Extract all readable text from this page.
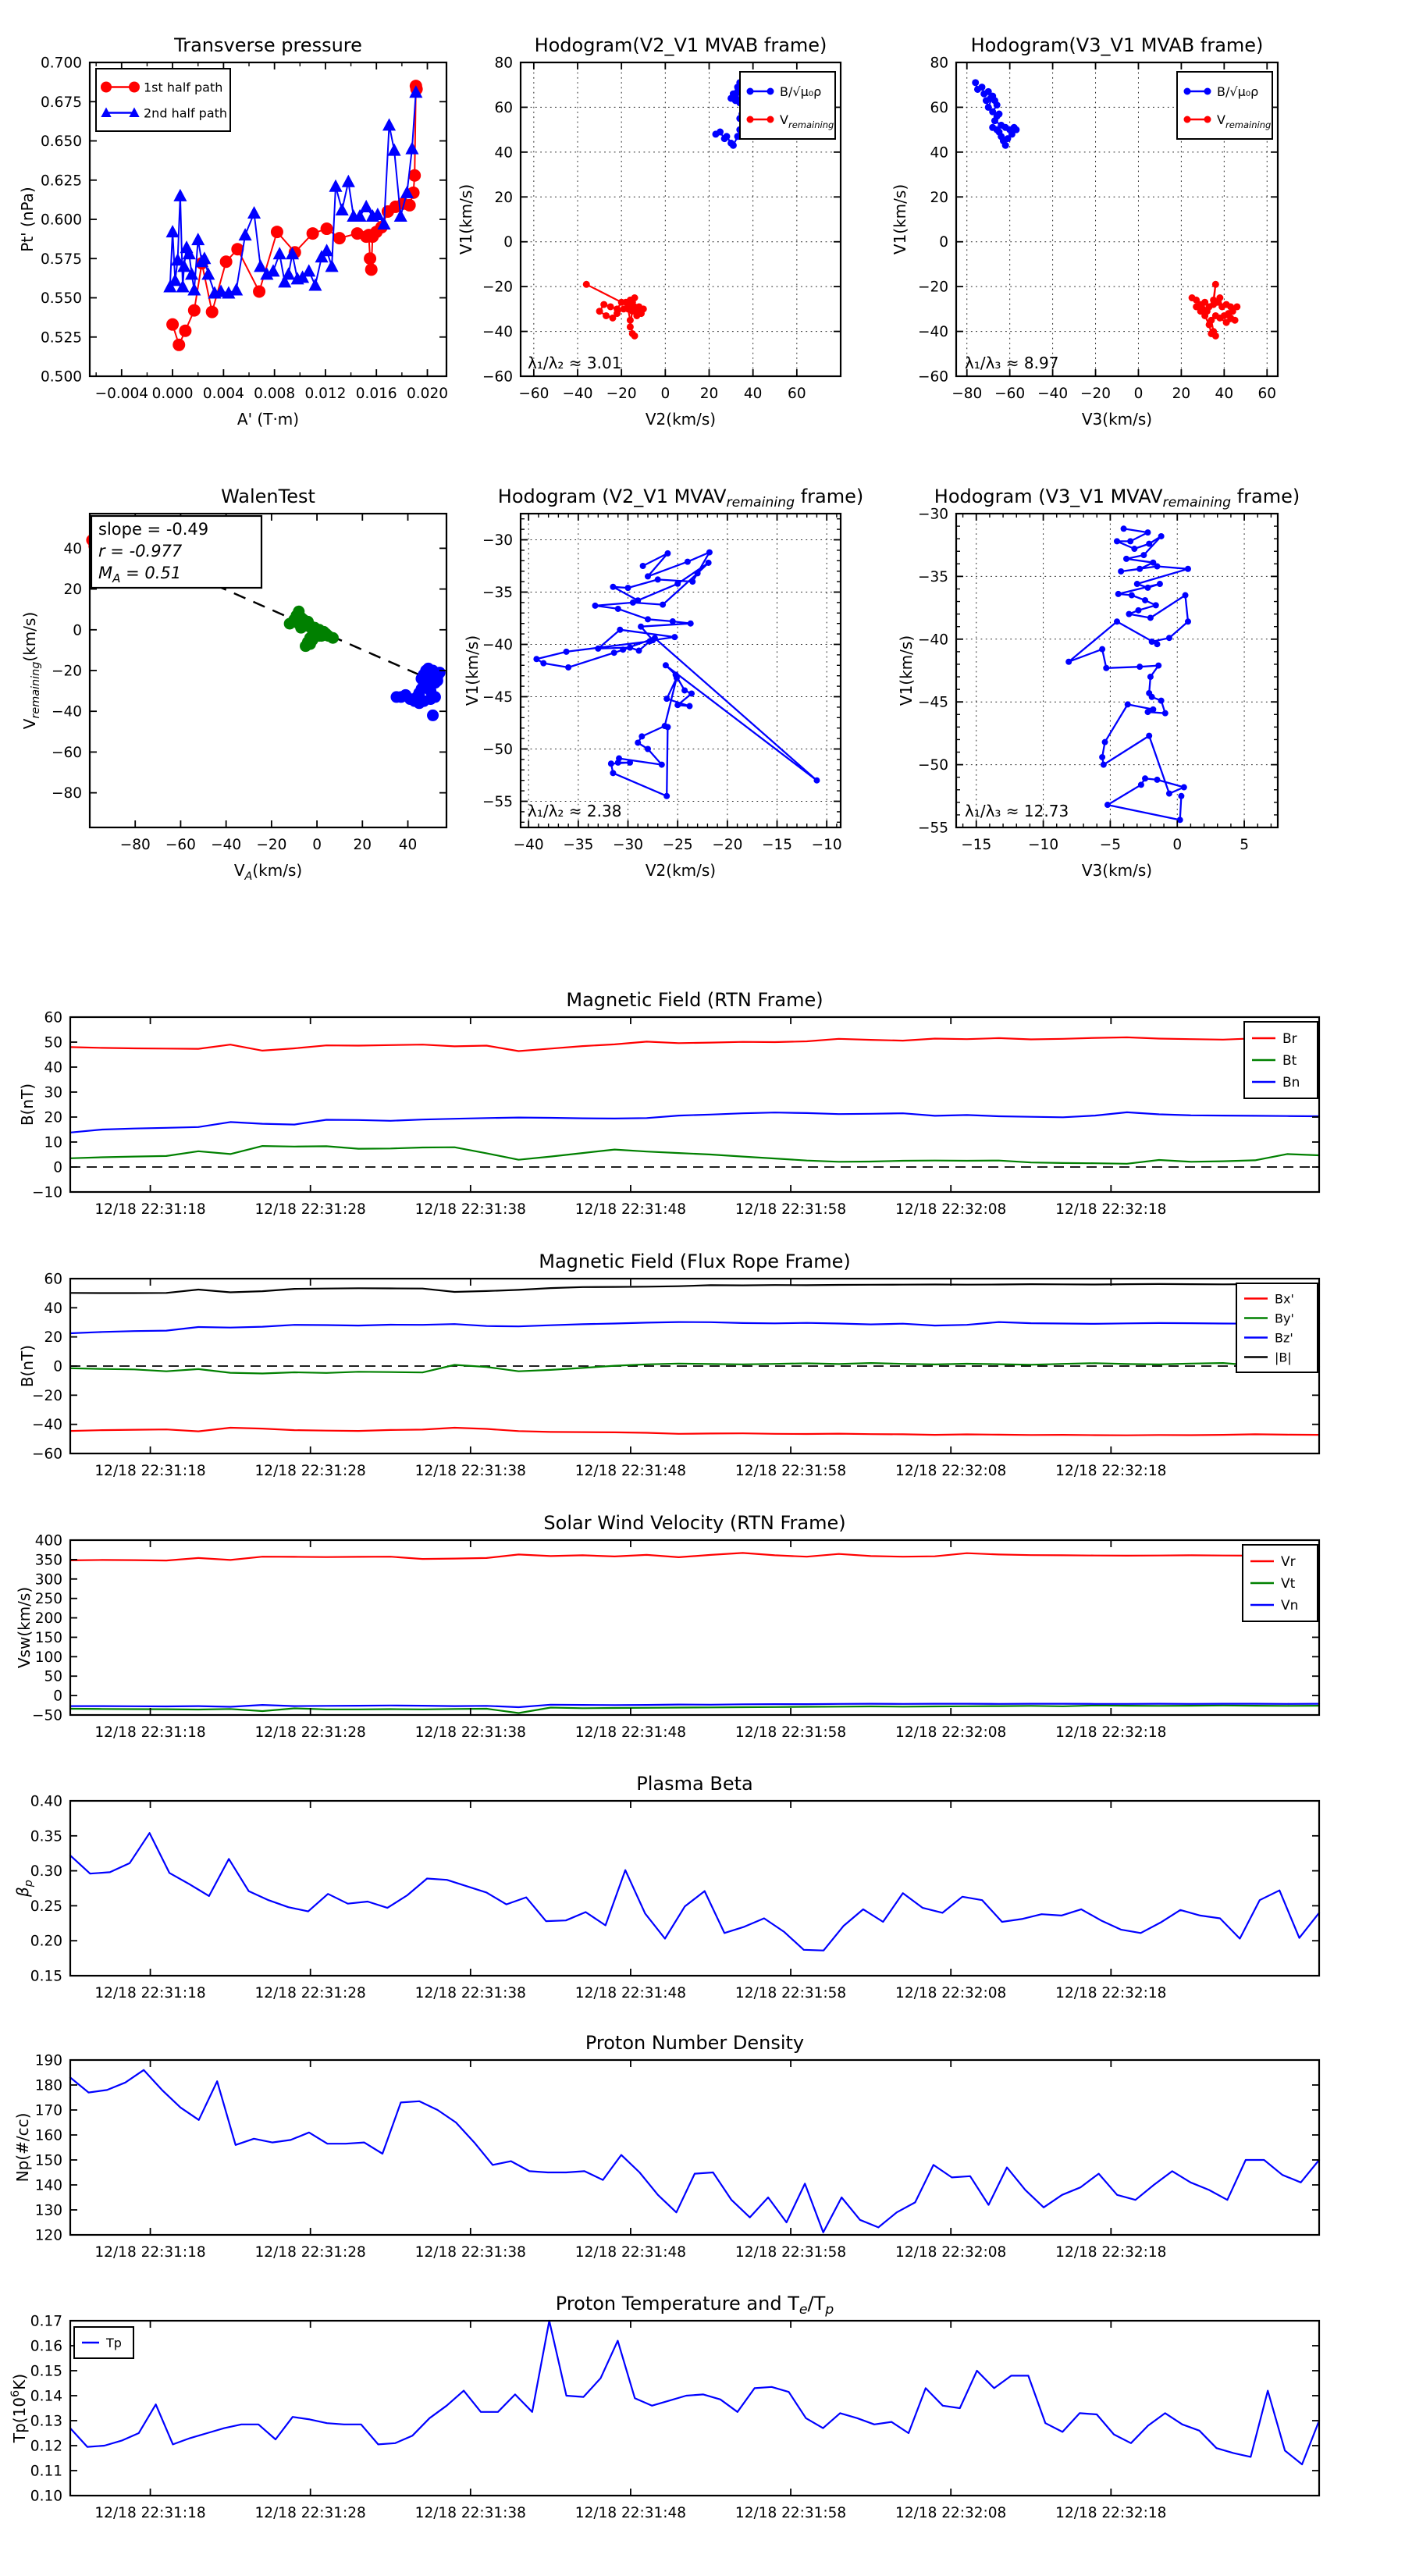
−0.004 0.000 0.004 0.008 0.012 0.016 0.020
0.500
0.525
0.550
0.575
0.600
0.625
0.650
0.675
0.700
Transverse pressure
A' (T·m)
Pt' (nPa)
1st half path
2nd half path
−60 −40 −20 0 20 40 60
−60
−40
−20
0
20
40
60
80
Hodogram(V2_V1 MVAB frame)
V2(km/s)
V1(km/s)
B/√μ₀ρ
$V_{remaining}$
λ₁/λ₂ ≈ 3.01
−80 −60 −40 −20 0 20 40 60
−60
−40
−20
0
20
40
60
80
Hodogram(V3_V1 MVAB frame)
V3(km/s)
V1(km/s)
B/√μ₀ρ
$V_{remaining}$
λ₁/λ₃ ≈ 8.97
−80 −60 −40 −20 0 20 40
−80
−60
−40
−20
0
20
40
WalenTest
$V_A(km/s)$
$V_{remaining}(km/s)$
slope = -0.49
r = -0.977
$M_A = 0.51$
−40 −35 −30 −25 −20 −15 −10
−55
−50
−45
−40
−35
−30
Hodogram (V2_V1 $MVAV_{remaining}$ frame)
V2(km/s)
V1(km/s)
λ₁/λ₂ ≈ 2.38
−15	−10	−5	0	5
−55
−50
−45
−40
−35
−30
Hodogram (V3_V1 $MVAV_{remaining}$ frame)
V3(km/s)
V1(km/s)
λ₁/λ₃ ≈ 12.73
12/18 22:31:18	12/18 22:31:28	12/18 22:31:38	12/18 22:31:48	12/18 22:31:58	12/18 22:32:08	12/18 22:32:18
−10
0
10
20
30
40
50
60
Magnetic Field (RTN Frame)
B(nT)
Br
Bt
Bn
12/18 22:31:18	12/18 22:31:28	12/18 22:31:38	12/18 22:31:48	12/18 22:31:58	12/18 22:32:08	12/18 22:32:18
−60
−40
−20
0
20
40
60
Magnetic Field (Flux Rope Frame)
B(nT)
Bx'
By'
Bz'
|B|
12/18 22:31:18	12/18 22:31:28	12/18 22:31:38	12/18 22:31:48	12/18 22:31:58	12/18 22:32:08	12/18 22:32:18
−50
0
50
100
150
200
250
300
350
400
Solar Wind Velocity (RTN Frame)
Vsw(km/s)
Vr
Vt
Vn
12/18 22:31:18	12/18 22:31:28	12/18 22:31:38	12/18 22:31:48	12/18 22:31:58	12/18 22:32:08	12/18 22:32:18
0.15
0.20
0.25
0.30
0.35
0.40
Plasma Beta
$\beta_p$
12/18 22:31:18	12/18 22:31:28	12/18 22:31:38	12/18 22:31:48	12/18 22:31:58	12/18 22:32:08	12/18 22:32:18
120
130
140
150
160
170
180
190
Proton Number Density
Np(#/cc)
12/18 22:31:18	12/18 22:31:28	12/18 22:31:38	12/18 22:31:48	12/18 22:31:58	12/18 22:32:08	12/18 22:32:18
0.10
0.11
0.12
0.13
0.14
0.15
0.16
0.17
Proton Temperature and $T_e/T_p$
$Tp(10^6K)$
Tp
